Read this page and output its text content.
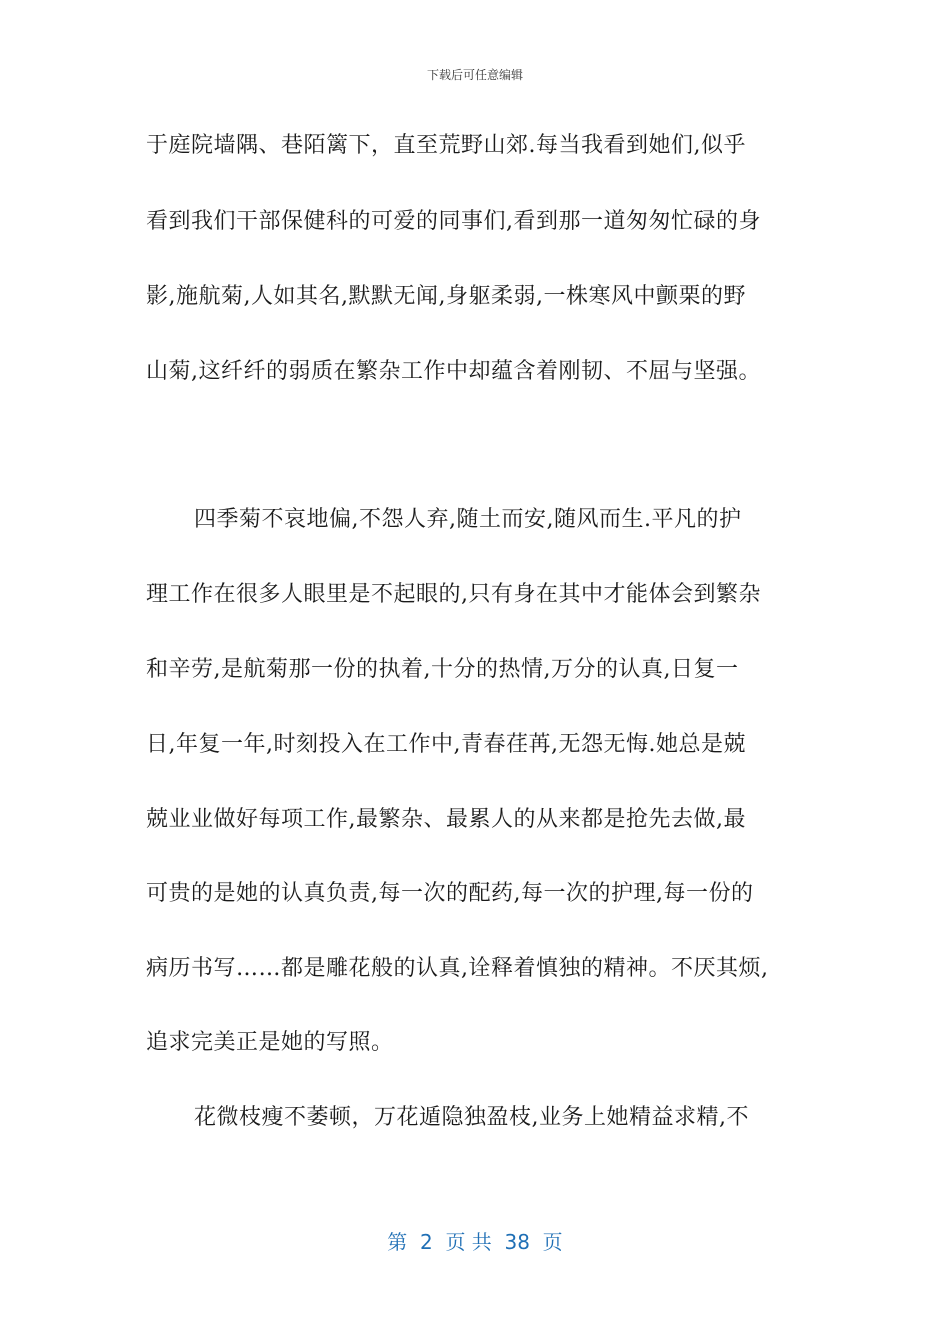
下载后可任意编辑
于庭院墙隅、巷陌篱下，直至荒野山郊.每当我看到她们,似乎
看到我们干部保健科的可爱的同事们,看到那一道匆匆忙碌的身
影,施航菊,人如其名,默默无闻,身躯柔弱,一株寒风中颤栗的野
山菊,这纤纤的弱质在繁杂工作中却蕴含着刚韧、不屈与坚强。
四季菊不哀地偏,不怨人弃,随土而安,随风而生.平凡的护
理工作在很多人眼里是不起眼的,只有身在其中才能体会到繁杂
和辛劳,是航菊那一份的执着,十分的热情,万分的认真,日复一
日,年复一年,时刻投入在工作中,青春荏苒,无怨无悔.她总是兢
兢业业做好每项工作,最繁杂、最累人的从来都是抢先去做,最
可贵的是她的认真负责,每一次的配药,每一次的护理,每一份的
病历书写……都是雕花般的认真,诠释着慎独的精神。不厌其烦,
追求完美正是她的写照。
花微枝瘦不萎顿，万花遁隐独盈枝,业务上她精益求精,不
第  2  页 共  38  页
